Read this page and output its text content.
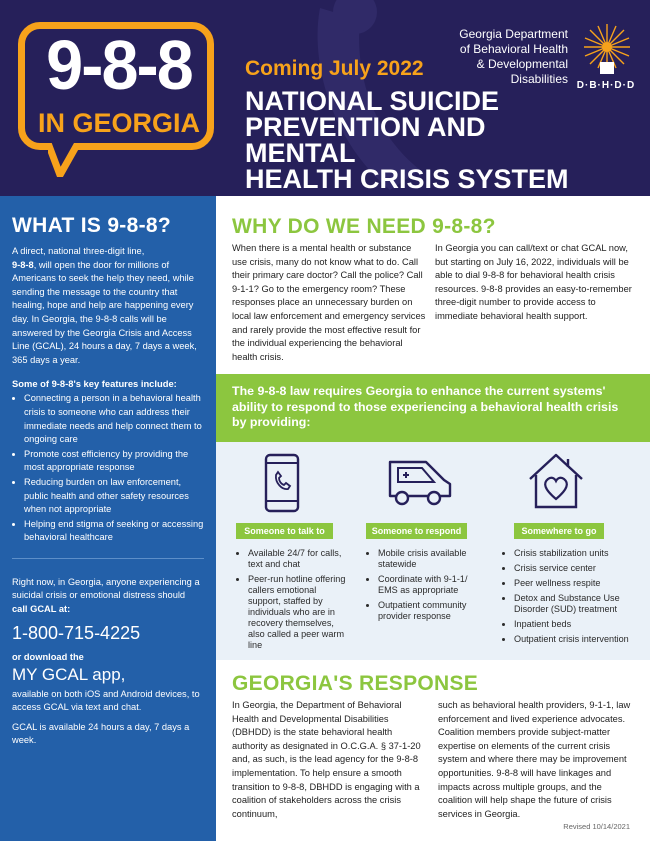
9-8-8
IN GEORGIA
Coming July 2022
NATIONAL SUICIDE
PREVENTION AND MENTAL
HEALTH CRISIS SYSTEM
Georgia Department
of Behavioral Health
& Developmental
Disabilities D·B·H·D·D
WHAT IS 9-8-8?
A direct, national three-digit line,
9-8-8, will open the door for millions of Americans to seek the help they need, while sending the message to the country that healing, hope and help are happening every day. In Georgia, the 9-8-8 calls will be answered by the Georgia Crisis and Access Line (GCAL), 24 hours a day, 7 days a week, 365 days a year.
Some of 9-8-8's key features include:
• Connecting a person in a behavioral health crisis to someone who can address their immediate needs and help connect them to ongoing care
• Promote cost efficiency by providing the most appropriate response
• Reducing burden on law enforcement, public health and other safety resources when not appropriate
• Helping end stigma of seeking or accessing behavioral healthcare
Right now, in Georgia, anyone experiencing a suicidal crisis or emotional distress should
call GCAL at:
1-800-715-4225
or download the
MY GCAL app,
available on both iOS and Android devices, to access GCAL via text and chat.
GCAL is available 24 hours a day, 7 days a week.
WHY DO WE NEED 9-8-8?
When there is a mental health or substance use crisis, many do not know what to do. Call their primary care doctor? Call the police? Call 9-1-1? Go to the emergency room? These responses place an unnecessary burden on local law enforcement and emergency services and rarely provide the most effective result for the individual experiencing the behavioral health crisis.
In Georgia you can call/text or chat GCAL now, but starting on July 16, 2022, individuals will be able to dial 9-8-8 for behavioral health crisis resources. 9-8-8 provides an easy-to-remember three-digit number to provide access to immediate behavioral health support.
The 9-8-8 law requires Georgia to enhance the current systems' ability to respond to those experiencing a behavioral health crisis by providing:
Someone to talk to	Someone to respond	Somewhere to go
• Available 24/7 for calls, text and chat
• Peer-run hotline offering callers emotional support, staffed by individuals who are in recovery themselves, also called a peer warm line
• Mobile crisis available statewide
• Coordinate with 9-1-1/ EMS as appropriate
• Outpatient community provider response
• Crisis stabilization units
• Crisis service center
• Peer wellness respite
• Detox and Substance Use Disorder (SUD) treatment
• Inpatient beds
• Outpatient crisis intervention
GEORGIA'S RESPONSE
In Georgia, the Department of Behavioral Health and Developmental Disabilities (DBHDD) is the state behavioral health authority as designated in O.C.G.A. § 37-1-20 and, as such, is the lead agency for the 9-8-8 implementation. To help ensure a smooth transition to 9-8-8, DBHDD is engaging with a coalition of stakeholders across the crisis continuum,
such as behavioral health providers, 9-1-1, law enforcement and lived experience advocates. Coalition members provide subject-matter expertise on elements of the current crisis system and where there may be improvement opportunities. 9-8-8 will have linkages and impacts across multiple groups, and the coalition will help shape the future of crisis services in Georgia.
Revised 10/14/2021
